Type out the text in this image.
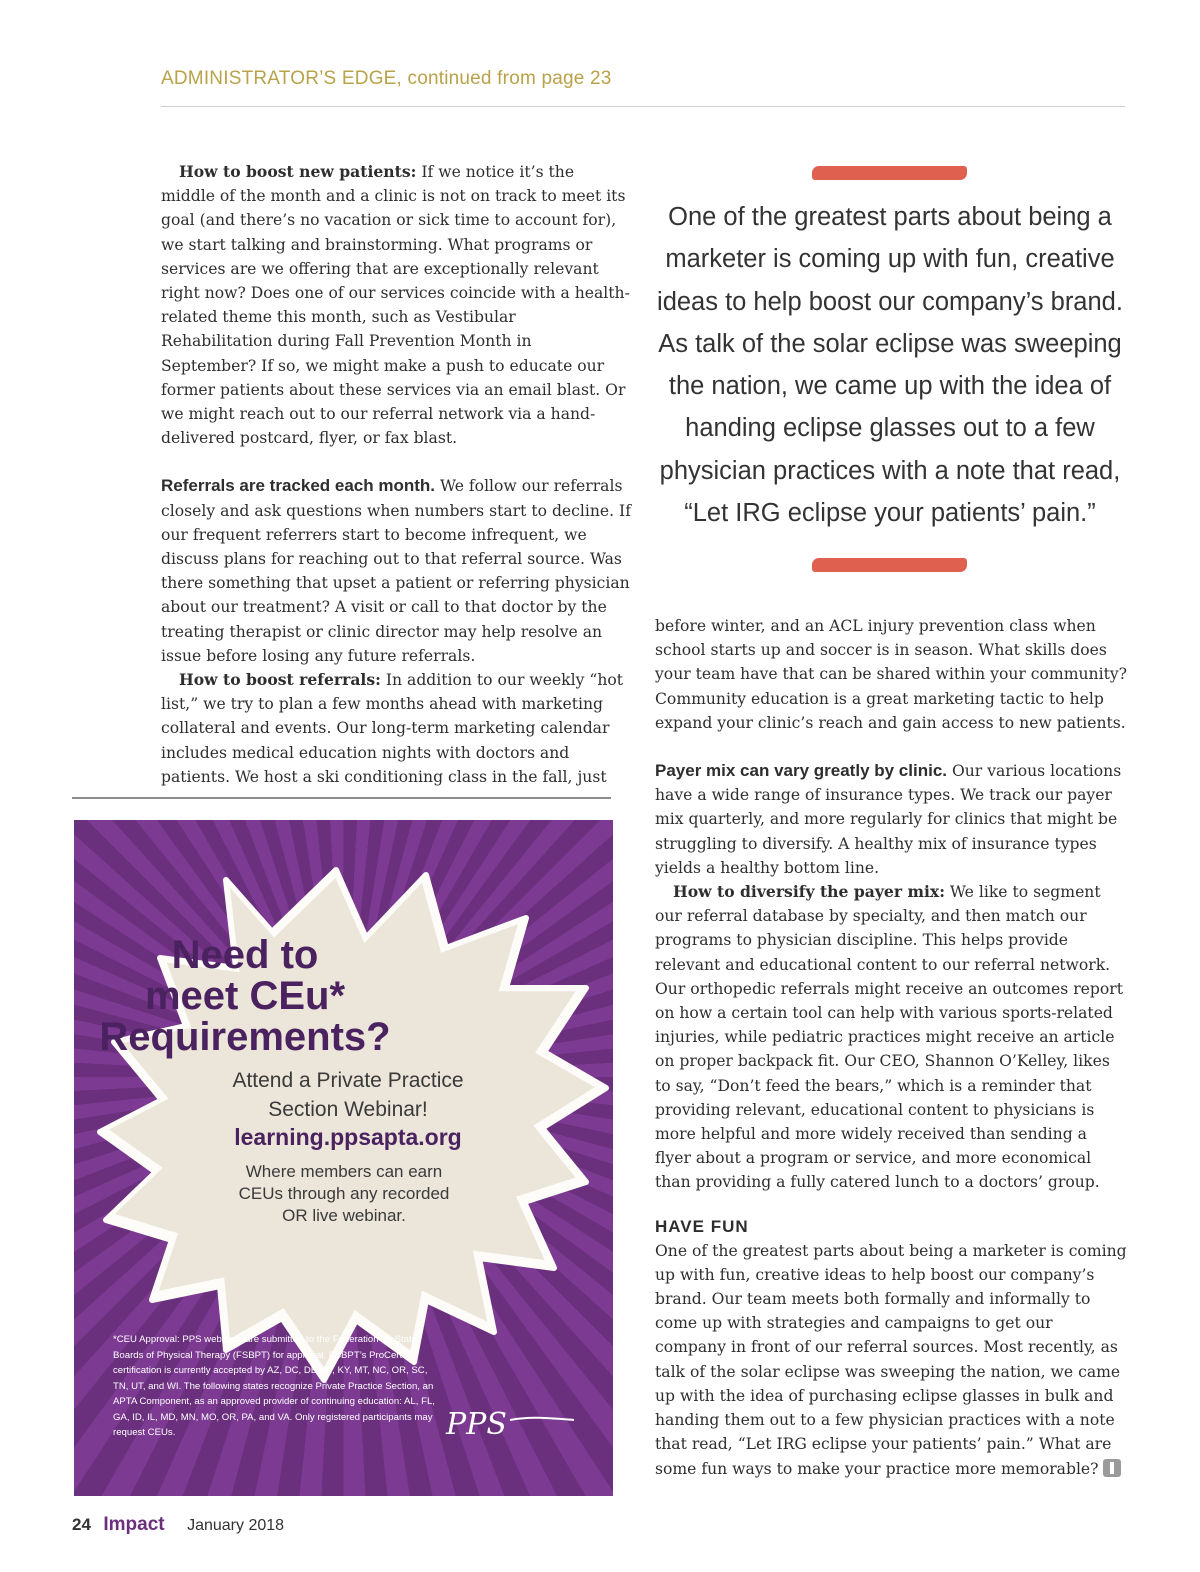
ADMINISTRATOR’S EDGE, continued from page 23

How to boost new patients: If we notice it’s the middle of the month and a clinic is not on track to meet its goal (and there’s no vacation or sick time to account for), we start talking and brainstorming. What programs or services are we offering that are exceptionally relevant right now? Does one of our services coincide with a health-related theme this month, such as Vestibular Rehabilitation during Fall Prevention Month in September? If so, we might make a push to educate our former patients about these services via an email blast. Or we might reach out to our referral network via a hand-delivered postcard, flyer, or fax blast.

Referrals are tracked each month. We follow our referrals closely and ask questions when numbers start to decline. If our frequent referrers start to become infrequent, we discuss plans for reaching out to that referral source. Was there something that upset a patient or referring physician about our treatment? A visit or call to that doctor by the treating therapist or clinic director may help resolve an issue before losing any future referrals.

How to boost referrals: In addition to our weekly “hot list,” we try to plan a few months ahead with marketing collateral and events. Our long-term marketing calendar includes medical education nights with doctors and patients. We host a ski conditioning class in the fall, just

One of the greatest parts about being a marketer is coming up with fun, creative ideas to help boost our company’s brand. As talk of the solar eclipse was sweeping the nation, we came up with the idea of handing eclipse glasses out to a few physician practices with a note that read, “Let IRG eclipse your patients’ pain.”

before winter, and an ACL injury prevention class when school starts up and soccer is in season. What skills does your team have that can be shared within your community? Community education is a great marketing tactic to help expand your clinic’s reach and gain access to new patients.

Payer mix can vary greatly by clinic. Our various locations have a wide range of insurance types. We track our payer mix quarterly, and more regularly for clinics that might be struggling to diversify. A healthy mix of insurance types yields a healthy bottom line.

How to diversify the payer mix: We like to segment our referral database by specialty, and then match our programs to physician discipline. This helps provide relevant and educational content to our referral network. Our orthopedic referrals might receive an outcomes report on how a certain tool can help with various sports-related injuries, while pediatric practices might receive an article on proper backpack fit. Our CEO, Shannon O’Kelley, likes to say, “Don’t feed the bears,” which is a reminder that providing relevant, educational content to physicians is more helpful and more widely received than sending a flyer about a program or service, and more economical than providing a fully catered lunch to a doctors’ group.

HAVE FUN

One of the greatest parts about being a marketer is coming up with fun, creative ideas to help boost our company’s brand. Our team meets both formally and informally to come up with strategies and campaigns to get our company in front of our referral sources. Most recently, as talk of the solar eclipse was sweeping the nation, we came up with the idea of purchasing eclipse glasses in bulk and handing them out to a few physician practices with a note that read, “Let IRG eclipse your patients’ pain.” What are some fun ways to make your practice more memorable?

Need to
meet CEu*
Requirements?
Attend a Private Practice
Section Webinar!
learning.ppsapta.org
Where members can earn
CEUs through any recorded
OR live webinar.
*CEU Approval: PPS webinars are submitted to the Federation on State Boards of Physical Therapy (FSBPT) for approval. FSBPT’s ProCert certification is currently accepted by AZ, DC, DE, IN, KY, MT, NC, OR, SC, TN, UT, and WI. The following states recognize Private Practice Section, an APTA Component, as an approved provider of continuing education: AL, FL, GA, ID, IL, MD, MN, MO, OR, PA, and VA. Only registered participants may request CEUs.	PPS
24 Impact January 2018
